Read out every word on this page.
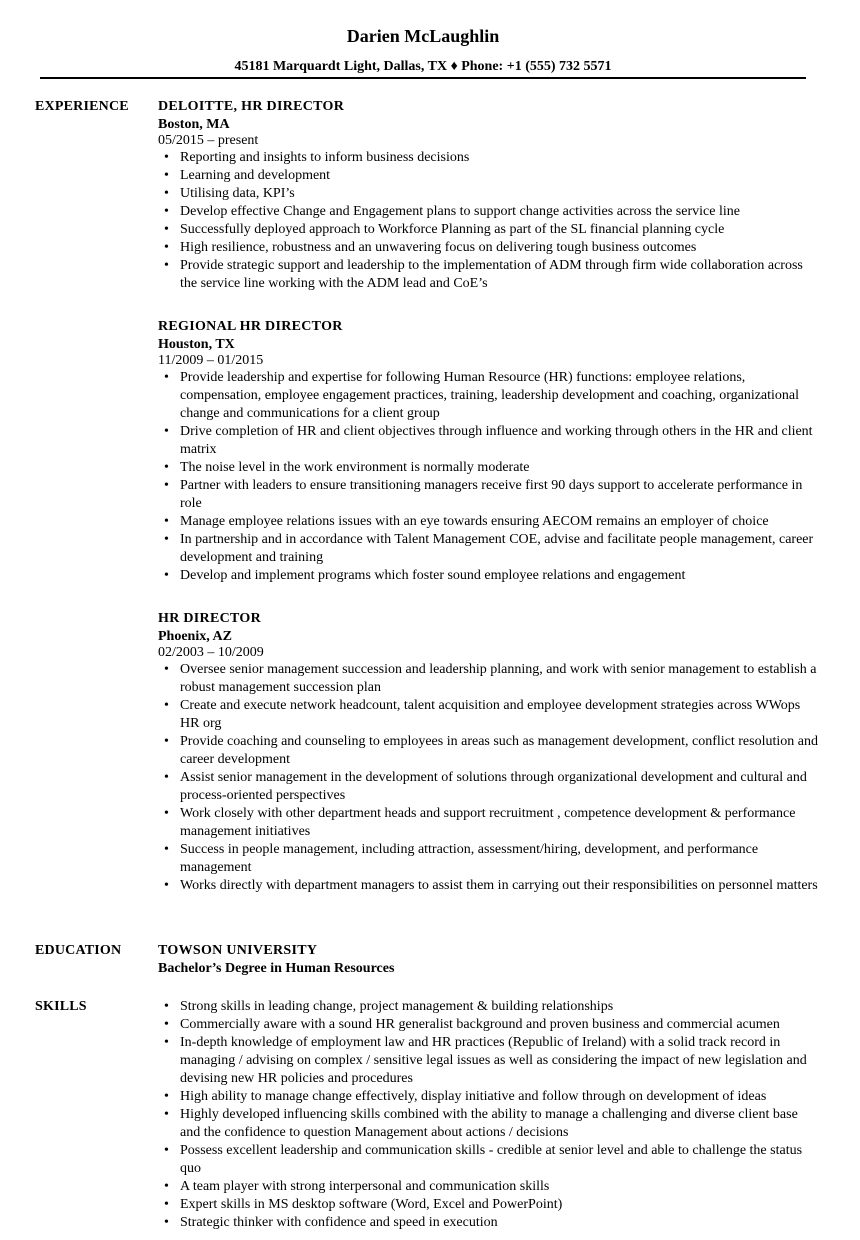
Darien McLaughlin
45181 Marquardt Light, Dallas, TX ♦ Phone: +1 (555) 732 5571
EXPERIENCE DELOITTE, HR DIRECTOR
Boston, MA
05/2015 – present
• Reporting and insights to inform business decisions
• Learning and development
• Utilising data, KPI’s
• Develop effective Change and Engagement plans to support change activities across the service line
• Successfully deployed approach to Workforce Planning as part of the SL financial planning cycle
• High resilience, robustness and an unwavering focus on delivering tough business outcomes
• Provide strategic support and leadership to the implementation of ADM through firm wide collaboration across the service line working with the ADM lead and CoE’s
REGIONAL HR DIRECTOR
Houston, TX
11/2009 – 01/2015
• Provide leadership and expertise for following Human Resource (HR) functions: employee relations, compensation, employee engagement practices, training, leadership development and coaching, organizational change and communications for a client group
• Drive completion of HR and client objectives through influence and working through others in the HR and client matrix
• The noise level in the work environment is normally moderate
• Partner with leaders to ensure transitioning managers receive first 90 days support to accelerate performance in role
• Manage employee relations issues with an eye towards ensuring AECOM remains an employer of choice
• In partnership and in accordance with Talent Management COE, advise and facilitate people management, career development and training
• Develop and implement programs which foster sound employee relations and engagement
HR DIRECTOR
Phoenix, AZ
02/2003 – 10/2009
• Oversee senior management succession and leadership planning, and work with senior management to establish a robust management succession plan
• Create and execute network headcount, talent acquisition and employee development strategies across WWops HR org
• Provide coaching and counseling to employees in areas such as management development, conflict resolution and career development
• Assist senior management in the development of solutions through organizational development and cultural and process-oriented perspectives
• Work closely with other department heads and support recruitment , competence development & performance management initiatives
• Success in people management, including attraction, assessment/hiring, development, and performance management
• Works directly with department managers to assist them in carrying out their responsibilities on personnel matters
EDUCATION	TOWSON UNIVERSITY
Bachelor’s Degree in Human Resources
SKILLS
•	Strong skills in leading change, project management & building relationships
• Commercially aware with a sound HR generalist background and proven business and commercial acumen
• In-depth knowledge of employment law and HR practices (Republic of Ireland) with a solid track record in managing / advising on complex / sensitive legal issues as well as considering the impact of new legislation and devising new HR policies and procedures
• High ability to manage change effectively, display initiative and follow through on development of ideas
• Highly developed influencing skills combined with the ability to manage a challenging and diverse client base and the confidence to question Management about actions / decisions
• Possess excellent leadership and communication skills - credible at senior level and able to challenge the status quo
• A team player with strong interpersonal and communication skills
• Expert skills in MS desktop software (Word, Excel and PowerPoint)
• Strategic thinker with confidence and speed in execution
